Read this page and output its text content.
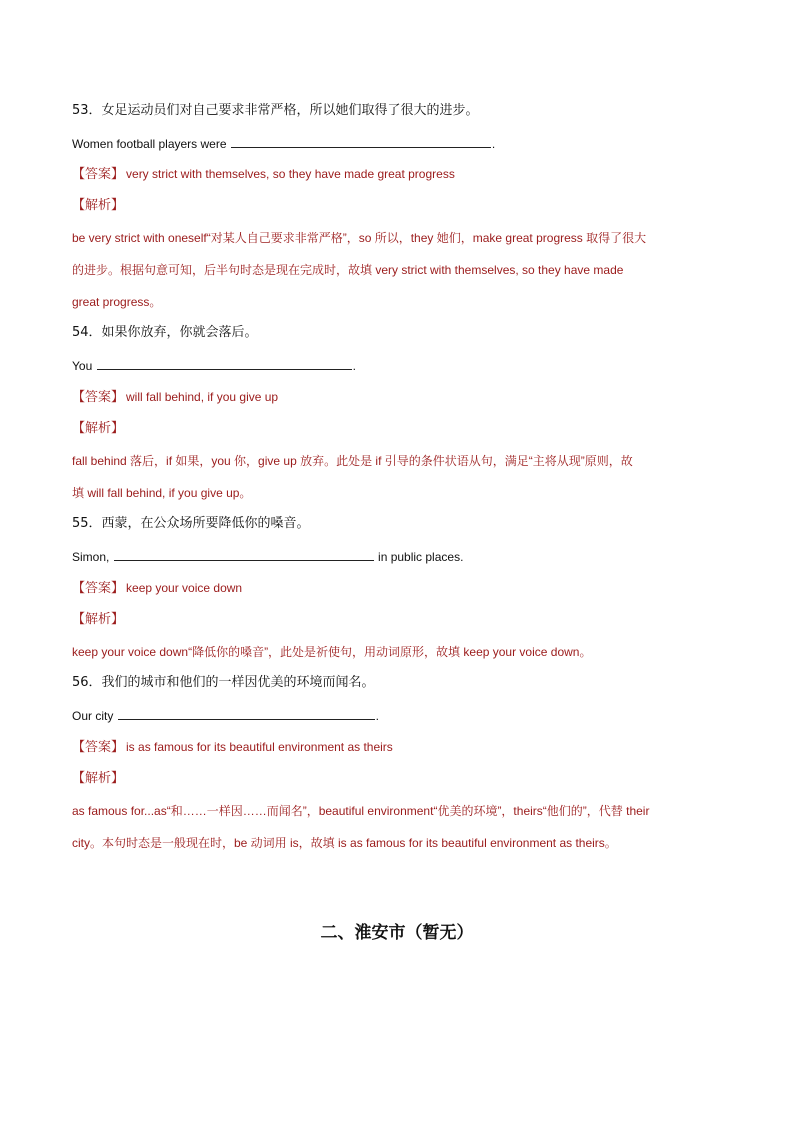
53．女足运动员们对自己要求非常严格，所以她们取得了很大的进步。
Women football players were	.
【答案】 very strict with themselves, so they have made great progress
【解析】
be very strict with oneself“对某人自己要求非常严格”，so 所以，they 她们，make great progress 取得了很大
的进步。根据句意可知，后半句时态是现在完成时，故填 very strict with themselves, so they have made
great progress。
54．如果你放弃，你就会落后。
You	.
【答案】 will fall behind, if you give up
【解析】
fall behind 落后，if 如果，you 你，give up 放弃。此处是 if 引导的条件状语从句，满足“主将从现”原则，故
填 will fall behind, if you give up。
55．西蒙，在公众场所要降低你的嗓音。
Simon,	in public places.
【答案】 keep your voice down
【解析】
keep your voice down“降低你的嗓音”，此处是祈使句，用动词原形，故填 keep your voice down。
56．我们的城市和他们的一样因优美的环境而闻名。
Our city	.
【答案】 is as famous for its beautiful environment as theirs
【解析】
as famous for...as“和……一样因……而闻名”，beautiful environment“优美的环境”，theirs“他们的”，代替 their
city。本句时态是一般现在时，be 动词用 is，故填 is as famous for its beautiful environment as theirs。
二、淮安市（暂无）
